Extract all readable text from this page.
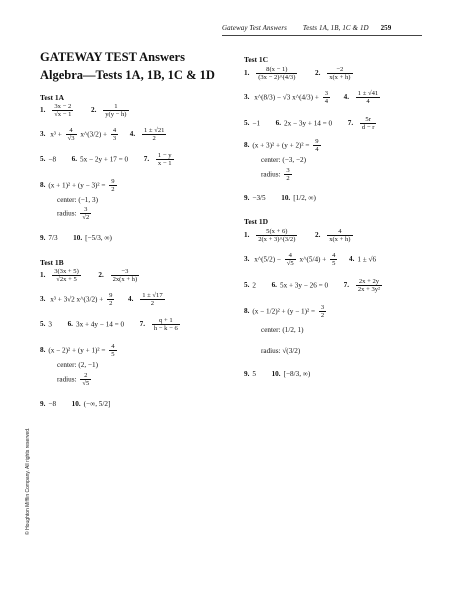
Gateway Test Answers Tests 1A, 1B, 1C & 1D 259
GATEWAY TEST Answers
Algebra—Tests 1A, 1B, 1C & 1D
Test 1A
1. $\frac{3x - 2}{√x - 1} 2$. $\frac{1}{y(y - h)}$
3. $x^3 + \frac{4}{√3}$ x^(3/2) + $\frac{4}{3} 4$. $\frac{1 \pm √21}{2}$
5. −8 6. 5x − 2y + 17 = 0 7. $\frac{1 - y}{x - 1}$
8. $(x + 1)^2 + (y - 3)^2 = \frac{9}{2}$
center: (−1, 3)
radius: $\frac{3}{√2}$
9. 7/3 10. [−5/3, ∞)
Test 1B
1. $\frac{3(3x + 5)}{√2x + 5} 2$. $\frac{-3}{2x(x + h)}$
3. x³ + 3√2 x^(3/2) + $\frac{9}{2} 4$. $\frac{1 \pm √17}{2}$
5. 3 6. 3x + 4y − 14 = 0 7. $\frac{q + 1}{h - k - 6}$
8. $(x - 2)^2 + (y + 1)^2 = \frac{4}{5}$
center: (2, −1)
radius: $\frac{2}{√5}$
9. −8 10. (−∞, 5/2]
Test 1C
1. $\frac{8(x - 1)}{(3x - 2)\^{}(4/3)} 2$. $\frac{-2}{x(x + h)}$
3. x^(8/3) − √3 x^(4/3) + $\frac{3}{4} 4$. $\frac{1 \pm √41}{4}$
5. −1 6. 2x − 3y + 14 = 0 7. $\frac{5r}{d - r}$
8. $(x + 3)^2 + (y + 2)^2 = \frac{9}{4}$
center: (−3, −2)
radius: $\frac{3}{2}$
9. −3/5 10. [1/2, ∞)
Test 1D
1. $\frac{5(x + 6)}{2(x + 3)\^{}(3/2)} 2$. $\frac{4}{x(x + h)}$
3. x^(5/2) − $\frac{4}{√5}$ x^(5/4) + $\frac{4}{5} 4$. 1 ± √6
5. 2 6. 5x + 3y − 26 = 0 7. $\frac{2x + 2y}{\text{2x + 3y²}}$
8. $(x - 1/2)^2 + (y - 1)^2 = \frac{3}{2}$
center: (1/2, 1)
radius: √(3/2)
9. 5 10. [−8/3, ∞)
© Houghton Mifflin Company. All rights reserved.
